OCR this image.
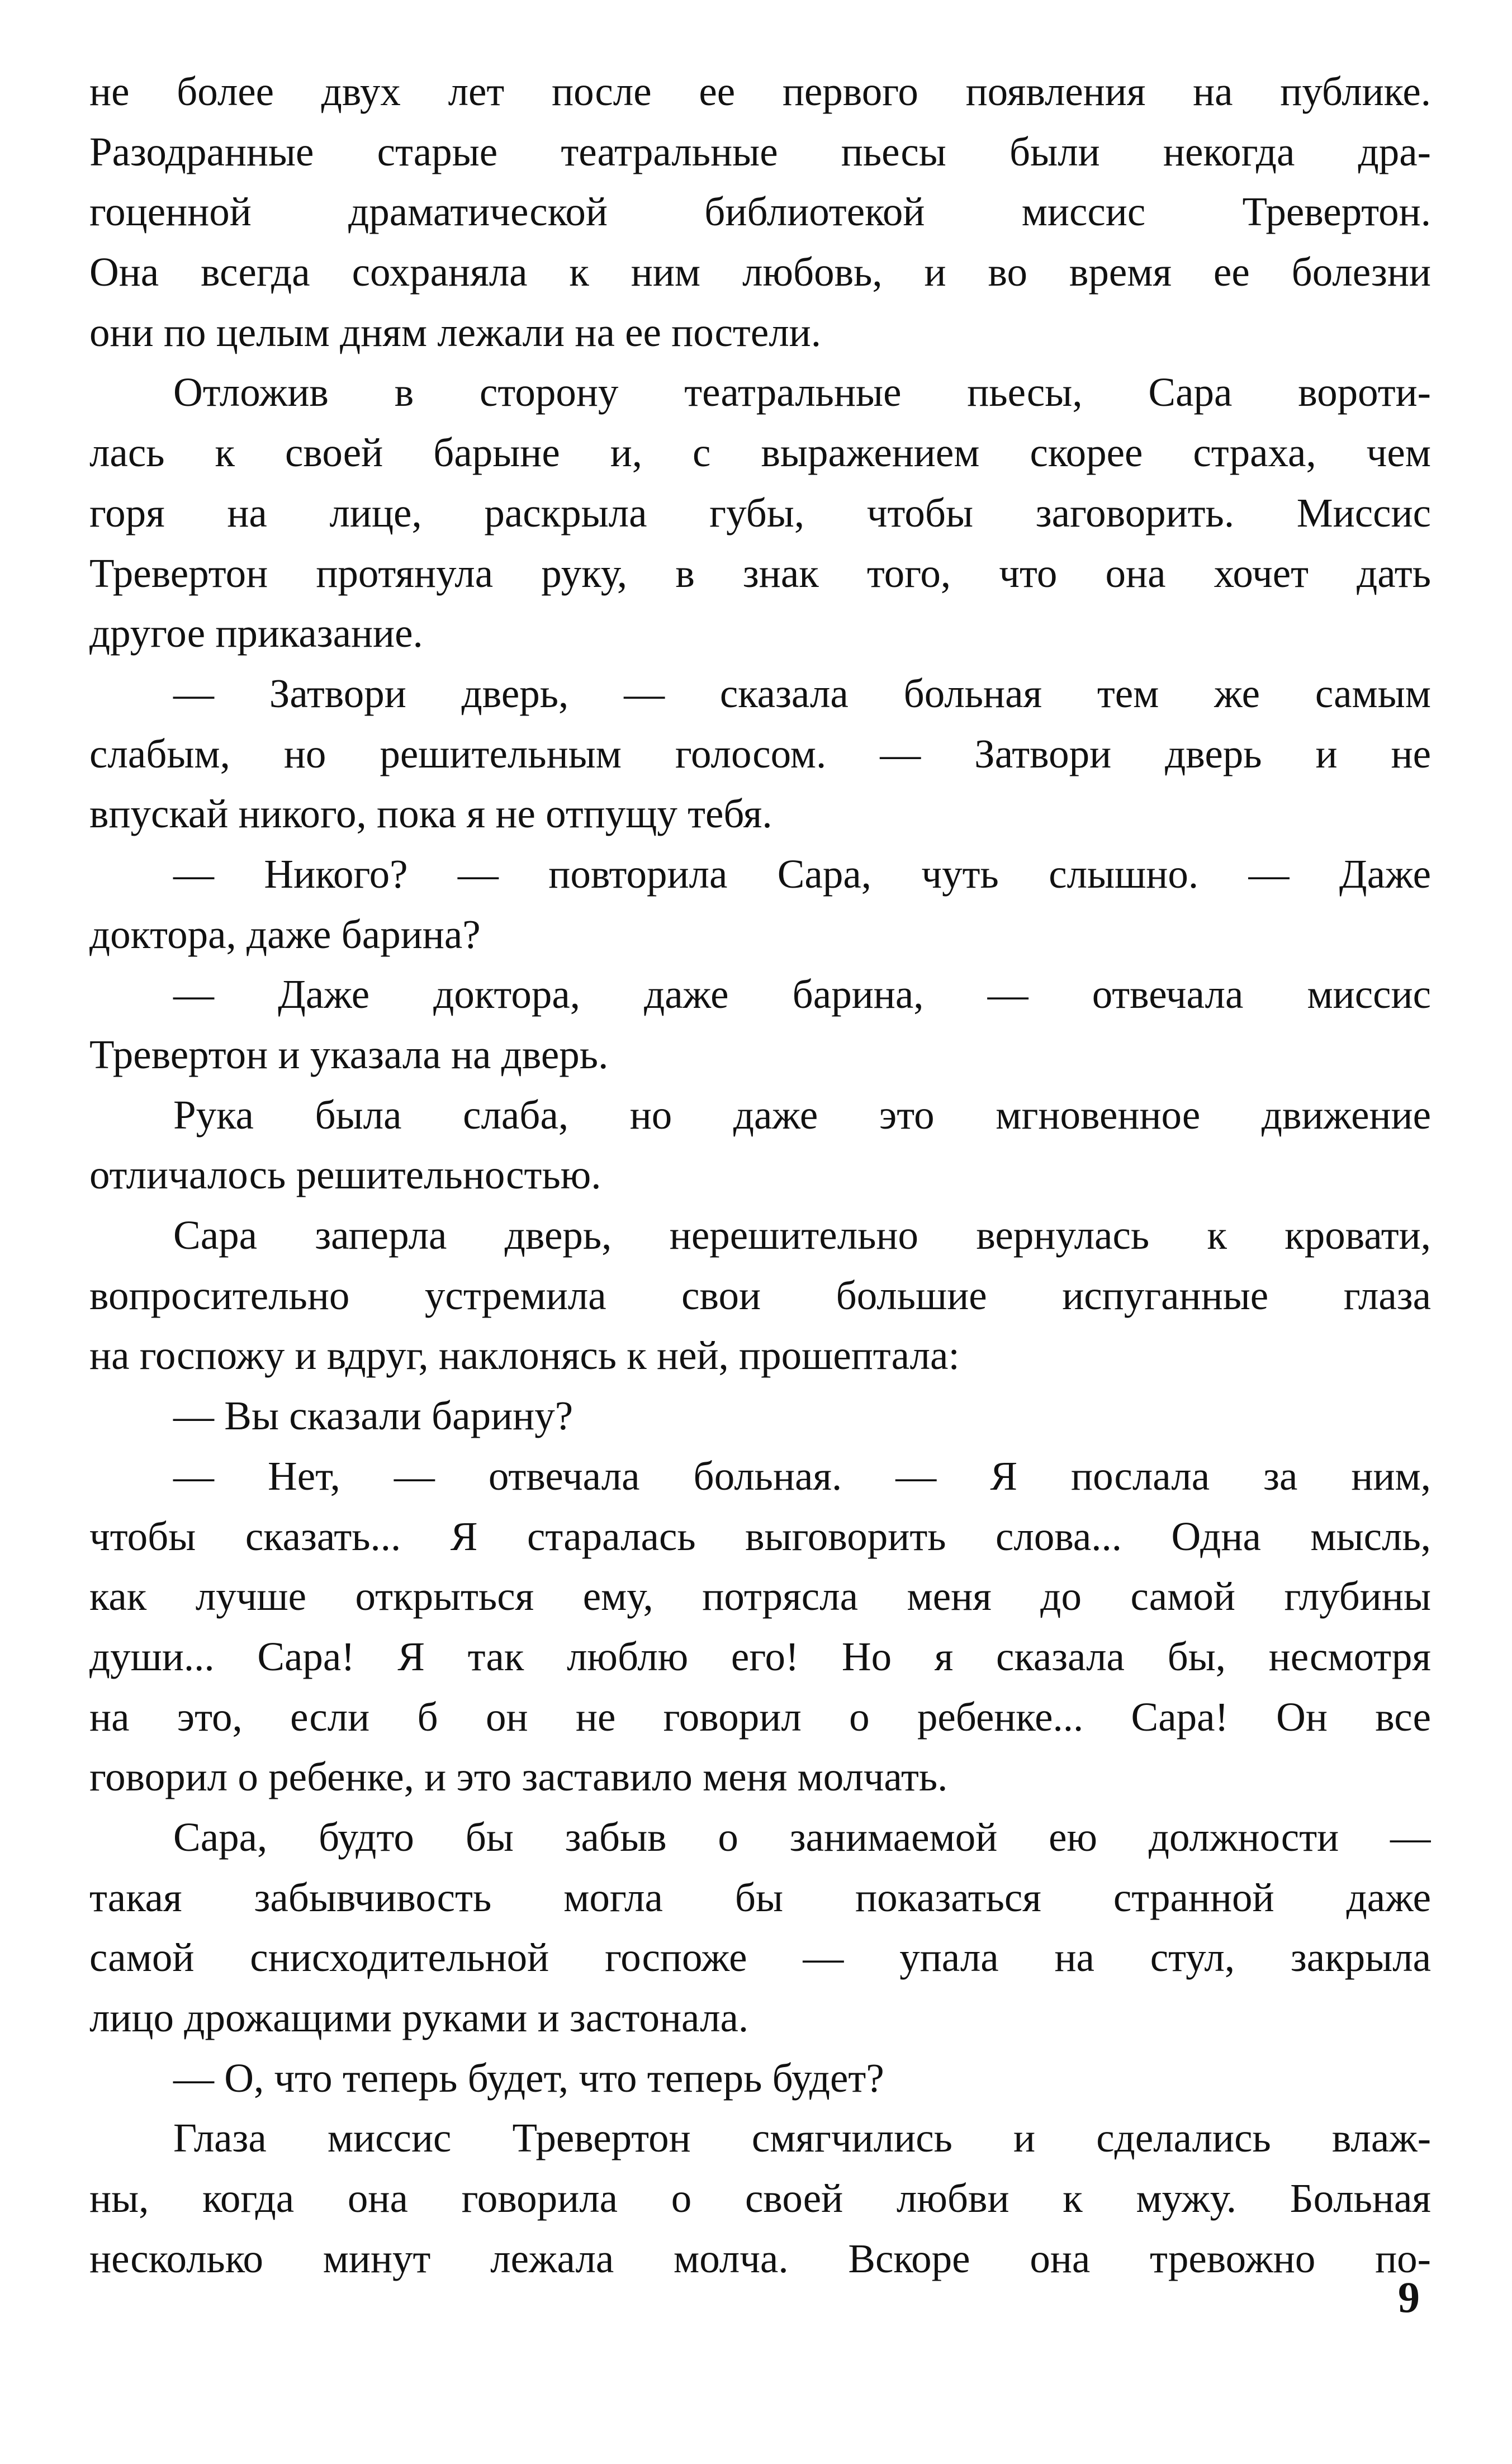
не более двух лет после ее первого появления на публике.
Разодранные старые театральные пьесы были некогда дра-
гоценной драматической библиотекой миссис Тревертон.
Она всегда сохраняла к ним любовь, и во время ее болезни
они по целым дням лежали на ее постели.
Отложив в сторону театральные пьесы, Сара вороти-
лась к своей барыне и, с выражением скорее страха, чем
горя на лице, раскрыла губы, чтобы заговорить. Миссис
Тревертон протянула руку, в знак того, что она хочет дать
другое приказание.
— Затвори дверь, — сказала больная тем же самым
слабым, но решительным голосом. — Затвори дверь и не
впускай никого, пока я не отпущу тебя.
— Никого? — повторила Сара, чуть слышно. — Даже
доктора, даже барина?
— Даже доктора, даже барина, — отвечала миссис
Тревертон и указала на дверь.
Рука была слаба, но даже это мгновенное движение
отличалось решительностью.
Сара заперла дверь, нерешительно вернулась к кровати,
вопросительно устремила свои большие испуганные глаза
на госпожу и вдруг, наклонясь к ней, прошептала:
— Вы сказали барину?
— Нет, — отвечала больная. — Я послала за ним,
чтобы сказать... Я старалась выговорить слова... Одна мысль,
как лучше открыться ему, потрясла меня до самой глубины
души... Сара! Я так люблю его! Но я сказала бы, несмотря
на это, если б он не говорил о ребенке... Сара! Он все
говорил о ребенке, и это заставило меня молчать.
Сара, будто бы забыв о занимаемой ею должности —
такая забывчивость могла бы показаться странной даже
самой снисходительной госпоже — упала на стул, закрыла
лицо дрожащими руками и застонала.
— О, что теперь будет, что теперь будет?
Глаза миссис Тревертон смягчились и сделались влаж-
ны, когда она говорила о своей любви к мужу. Больная
несколько минут лежала молча. Вскоре она тревожно по-
9
